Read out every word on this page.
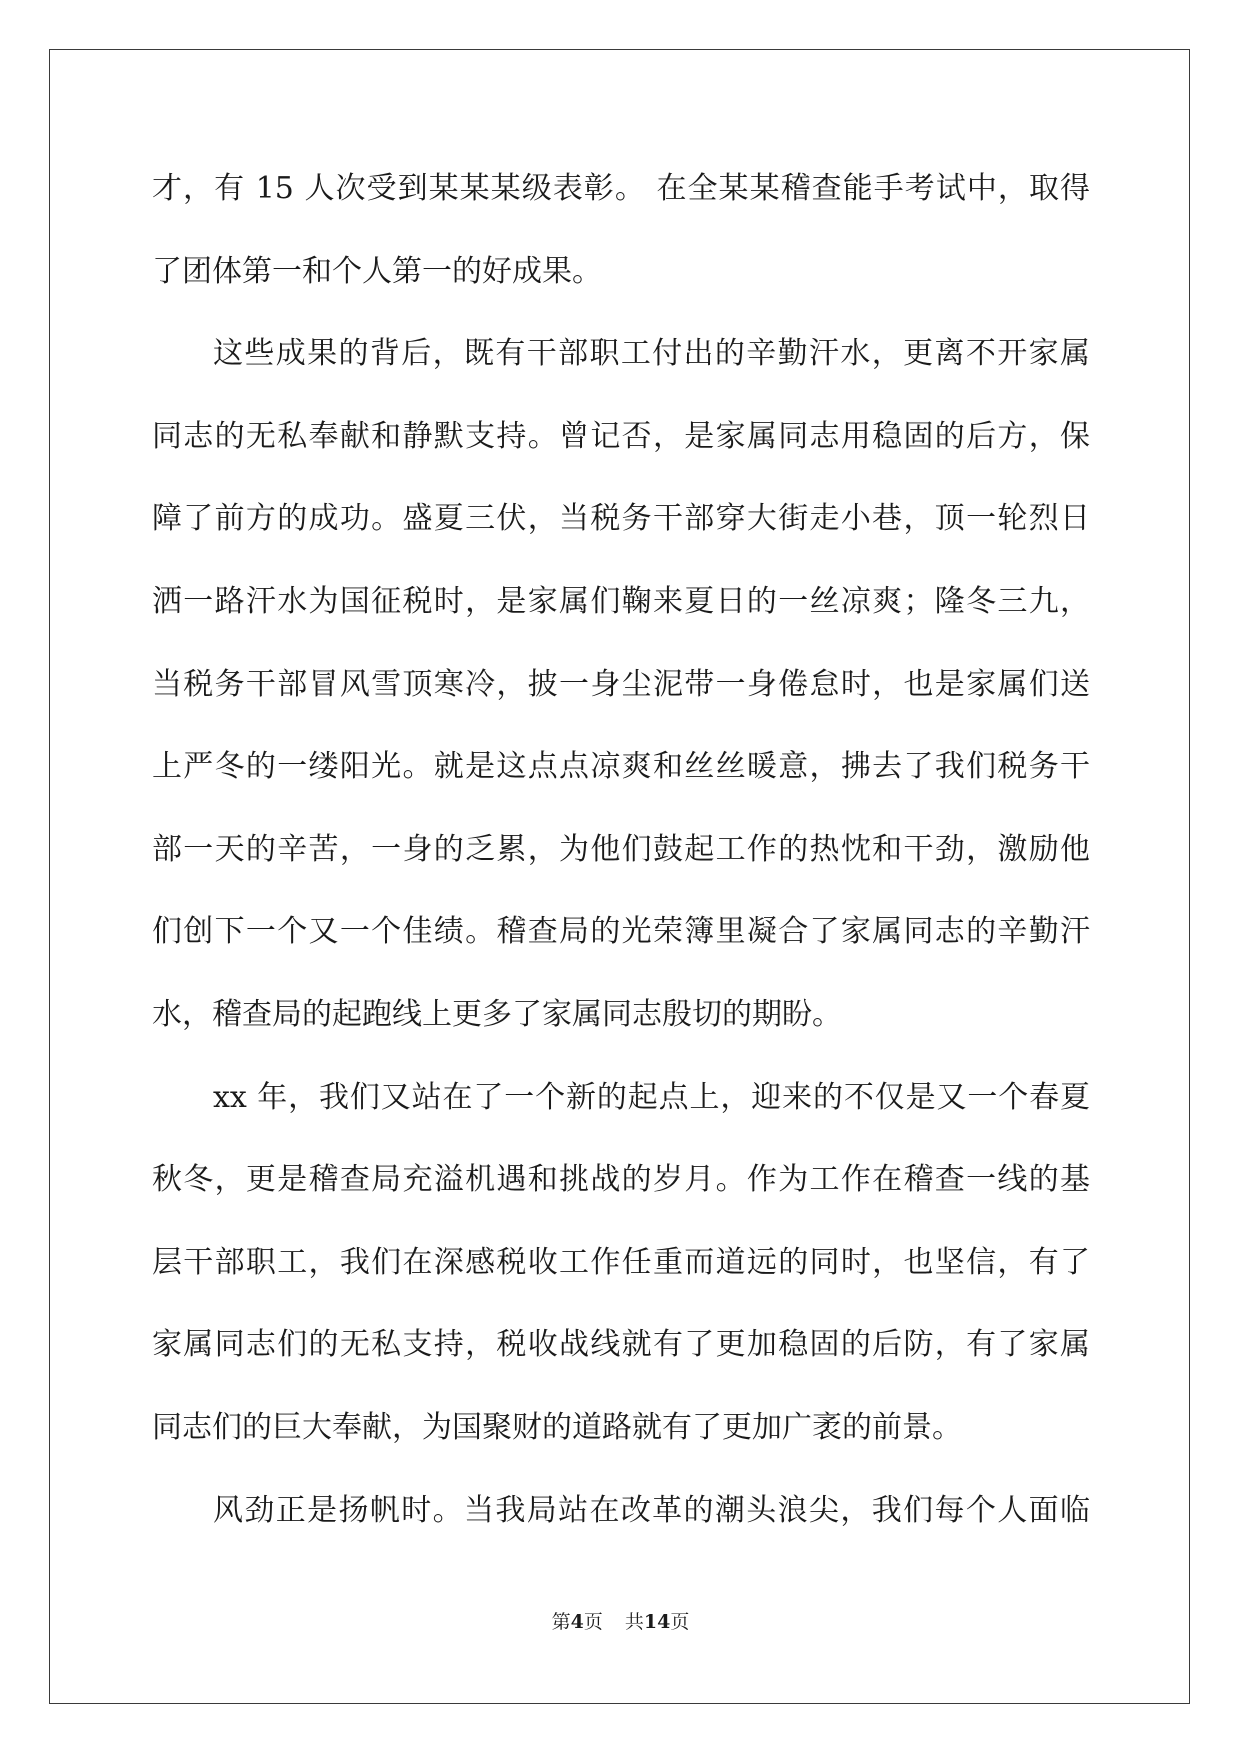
才，有 15 人次受到某某某级表彰。 在全某某稽查能手考试中，取得
了团体第一和个人第一的好成果。
这些成果的背后，既有干部职工付出的辛勤汗水，更离不开家属
同志的无私奉献和静默支持。曾记否，是家属同志用稳固的后方，保
障了前方的成功。盛夏三伏，当税务干部穿大街走小巷，顶一轮烈日
洒一路汗水为国征税时，是家属们鞠来夏日的一丝凉爽；隆冬三九，
当税务干部冒风雪顶寒冷，披一身尘泥带一身倦怠时，也是家属们送
上严冬的一缕阳光。就是这点点凉爽和丝丝暖意，拂去了我们税务干
部一天的辛苦，一身的乏累，为他们鼓起工作的热忱和干劲，激励他
们创下一个又一个佳绩。稽查局的光荣簿里凝合了家属同志的辛勤汗
水，稽查局的起跑线上更多了家属同志殷切的期盼。
xx 年，我们又站在了一个新的起点上，迎来的不仅是又一个春夏
秋冬，更是稽查局充溢机遇和挑战的岁月。作为工作在稽查一线的基
层干部职工，我们在深感税收工作任重而道远的同时，也坚信，有了
家属同志们的无私支持，税收战线就有了更加稳固的后防，有了家属
同志们的巨大奉献，为国聚财的道路就有了更加广袤的前景。
风劲正是扬帆时。当我局站在改革的潮头浪尖，我们每个人面临
第4页 共14页
